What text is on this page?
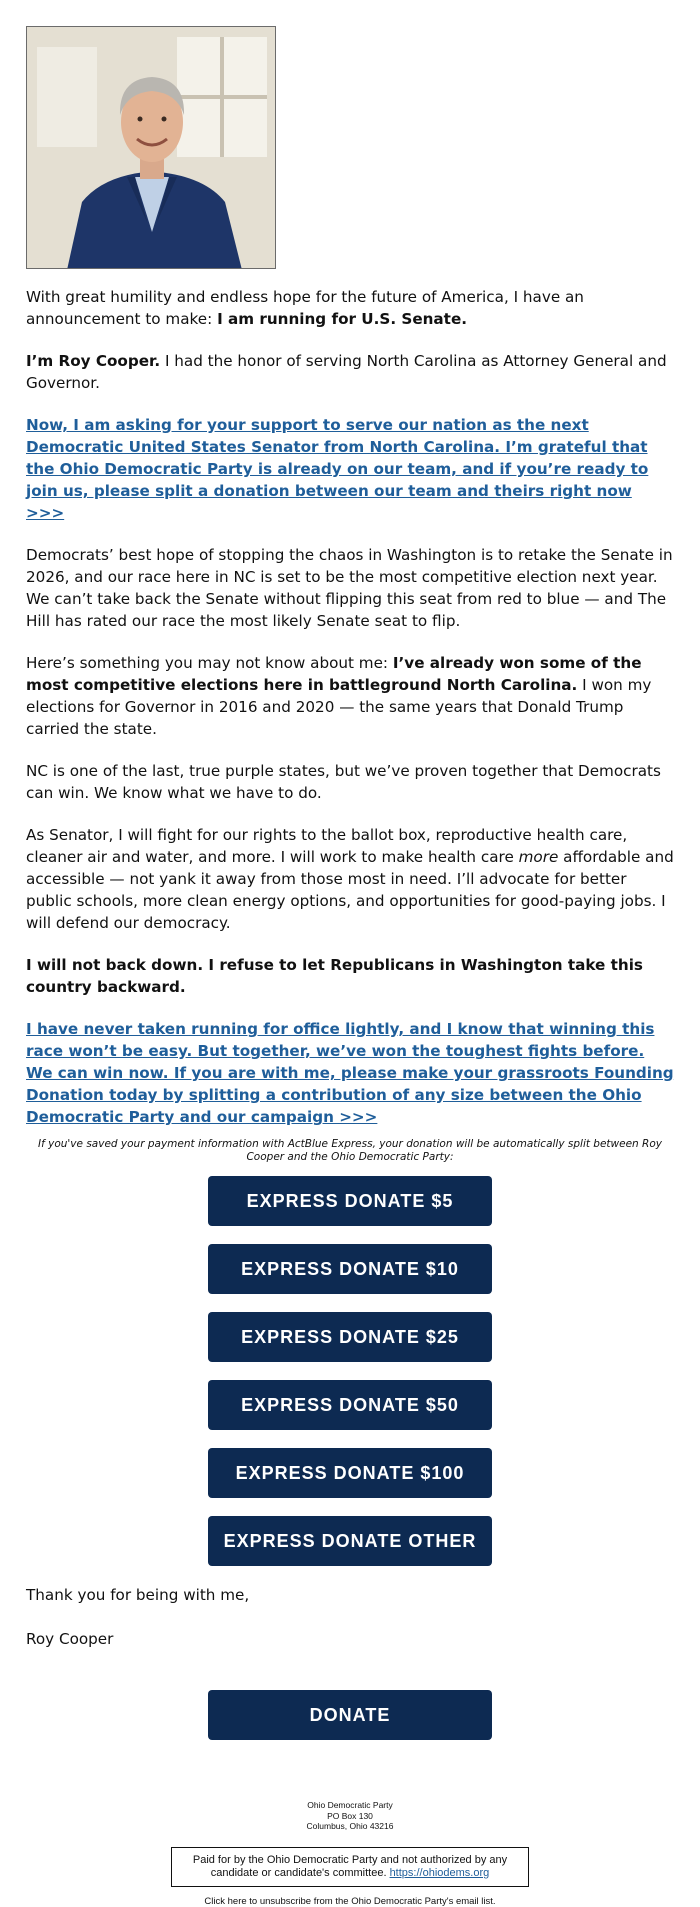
With great humility and endless hope for the future of America, I have an announcement to make: I am running for U.S. Senate.

I’m Roy Cooper. I had the honor of serving North Carolina as Attorney General and Governor.

Now, I am asking for your support to serve our nation as the next Democratic United States Senator from North Carolina. I’m grateful that the Ohio Democratic Party is already on our team, and if you’re ready to join us, please split a donation between our team and theirs right now >>>

Democrats’ best hope of stopping the chaos in Washington is to retake the Senate in 2026, and our race here in NC is set to be the most competitive election next year. We can’t take back the Senate without flipping this seat from red to blue — and The Hill has rated our race the most likely Senate seat to flip.

Here’s something you may not know about me: I’ve already won some of the most competitive elections here in battleground North Carolina. I won my elections for Governor in 2016 and 2020 — the same years that Donald Trump carried the state.

NC is one of the last, true purple states, but we’ve proven together that Democrats can win. We know what we have to do.

As Senator, I will fight for our rights to the ballot box, reproductive health care, cleaner air and water, and more. I will work to make health care more affordable and accessible — not yank it away from those most in need. I’ll advocate for better public schools, more clean energy options, and opportunities for good-paying jobs. I will defend our democracy.

I will not back down. I refuse to let Republicans in Washington take this country backward.

I have never taken running for office lightly, and I know that winning this race won’t be easy. But together, we’ve won the toughest fights before. We can win now. If you are with me, please make your grassroots Founding Donation today by splitting a contribution of any size between the Ohio Democratic Party and our campaign >>>

If you've saved your payment information with ActBlue Express, your donation will be automatically split between Roy Cooper and the Ohio Democratic Party:

EXPRESS DONATE $5
EXPRESS DONATE $10
EXPRESS DONATE $25
EXPRESS DONATE $50
EXPRESS DONATE $100
EXPRESS DONATE OTHER

Thank you for being with me,

Roy Cooper

DONATE
Ohio Democratic Party
PO Box 130
Columbus, Ohio 43216
Paid for by the Ohio Democratic Party and not authorized by any candidate or candidate's committee. https://ohiodems.org
Click here to unsubscribe from the Ohio Democratic Party's email list.
